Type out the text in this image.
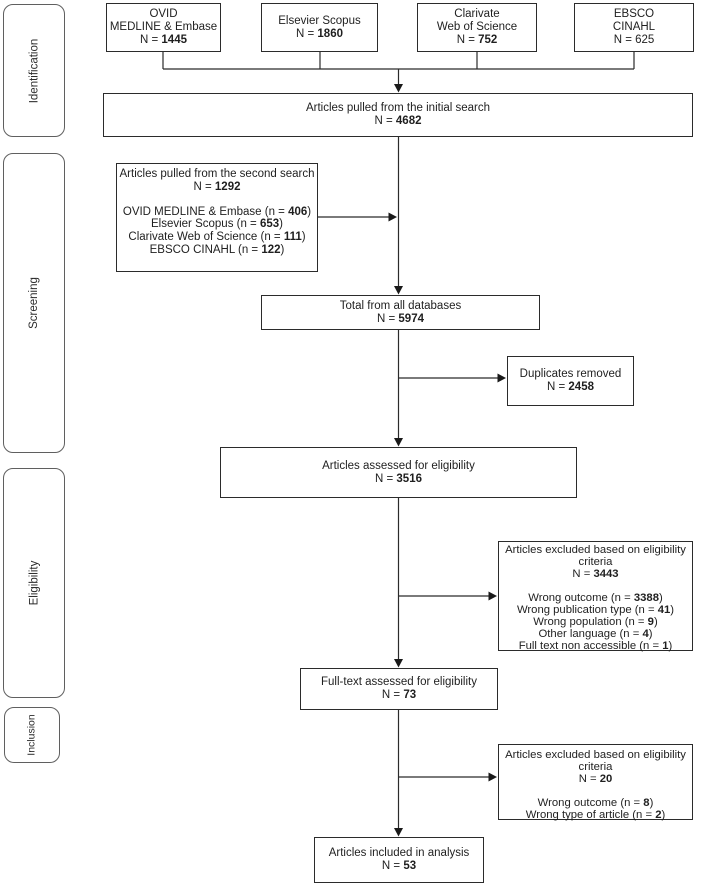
Identification
Screening
Eligibility
Inclusion
OVID
MEDLINE & Embase
N = 1445
Elsevier Scopus
N = 1860
Clarivate
Web of Science
N = 752
EBSCO
CINAHL
N = 625
Articles pulled from the initial search
N = 4682
Articles pulled from the second search
N = 1292
OVID MEDLINE & Embase (n = 406)
Elsevier Scopus (n = 653)
Clarivate Web of Science (n = 111)
EBSCO CINAHL (n = 122)
Total from all databases
N = 5974
Duplicates removed
N = 2458
Articles assessed for eligibility
N = 3516
Articles excluded based on eligibility
criteria
N = 3443
Wrong outcome (n = 3388)
Wrong publication type (n = 41)
Wrong population (n = 9)
Other language (n = 4)
Full text non accessible (n = 1)
Full-text assessed for eligibility
N = 73
Articles excluded based on eligibility
criteria
N = 20
Wrong outcome (n = 8)
Wrong type of article (n = 2)
Articles included in analysis
N = 53
